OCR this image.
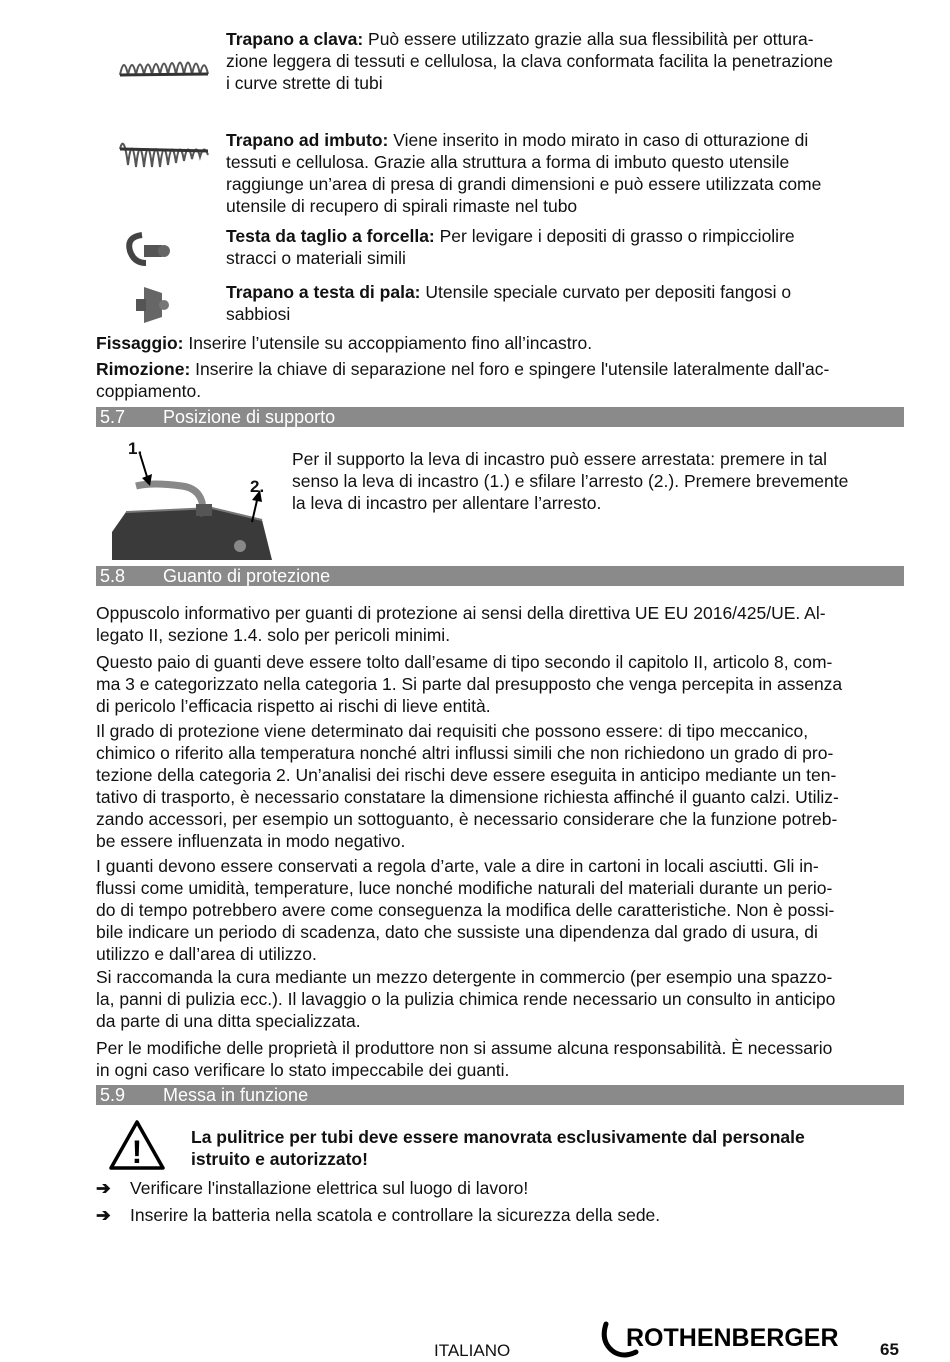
Trapano a clava: Può essere utilizzato grazie alla sua flessibilità per ottura-
zione leggera di tessuti e cellulosa, la clava conformata facilita la penetrazione
i curve strette di tubi
Trapano ad imbuto: Viene inserito in modo mirato in caso di otturazione di
tessuti e cellulosa. Grazie alla struttura a forma di imbuto questo utensile
raggiunge un’area di presa di grandi dimensioni e può essere utilizzata come
utensile di recupero di spirali rimaste nel tubo
Testa da taglio a forcella: Per levigare i depositi di grasso o rimpicciolire
stracci o materiali simili
Trapano a testa di pala: Utensile speciale curvato per depositi fangosi o
sabbiosi
Fissaggio: Inserire l’utensile su accoppiamento fino all’incastro.
Rimozione: Inserire la chiave di separazione nel foro e spingere l'utensile lateralmente dall'ac-
coppiamento.
5.7 Posizione di supporto
1.
2.
Per il supporto la leva di incastro può essere arrestata: premere in tal
senso la leva di incastro (1.) e sfilare l’arresto (2.). Premere brevemente
la leva di incastro per allentare l’arresto.
5.8 Guanto di protezione
Oppuscolo informativo per guanti di protezione ai sensi della direttiva UE EU 2016/425/UE. Al-
legato II, sezione 1.4. solo per pericoli minimi.
Questo paio di guanti deve essere tolto dall’esame di tipo secondo il capitolo II, articolo 8, com-
ma 3 e categorizzato nella categoria 1. Si parte dal presupposto che venga percepita in assenza
di pericolo l’efficacia rispetto ai rischi di lieve entità.
Il grado di protezione viene determinato dai requisiti che possono essere: di tipo meccanico,
chimico o riferito alla temperatura nonché altri influssi simili che non richiedono un grado di pro-
tezione della categoria 2. Un’analisi dei rischi deve essere eseguita in anticipo mediante un ten-
tativo di trasporto, è necessario constatare la dimensione richiesta affinché il guanto calzi. Utiliz-
zando accessori, per esempio un sottoguanto, è necessario considerare che la funzione potreb-
be essere influenzata in modo negativo.
I guanti devono essere conservati a regola d’arte, vale a dire in cartoni in locali asciutti. Gli in-
flussi come umidità, temperature, luce nonché modifiche naturali del materiali durante un perio-
do di tempo potrebbero avere come conseguenza la modifica delle caratteristiche. Non è possi-
bile indicare un periodo di scadenza, dato che sussiste una dipendenza dal grado di usura, di
utilizzo e dall’area di utilizzo.
Si raccomanda la cura mediante un mezzo detergente in commercio (per esempio una spazzo-
la, panni di pulizia ecc.). Il lavaggio o la pulizia chimica rende necessario un consulto in anticipo
da parte di una ditta specializzata.
Per le modifiche delle proprietà il produttore non si assume alcuna responsabilità. È necessario
in ogni caso verificare lo stato impeccabile dei guanti.
5.9 Messa in funzione
!	La pulitrice per tubi deve essere manovrata esclusivamente dal personale
istruito e autorizzato!
➔ Verificare l'installazione elettrica sul luogo di lavoro!
➔ Inserire la batteria nella scatola e controllare la sicurezza della sede.
ITALIANO	ROTHENBERGER 65
